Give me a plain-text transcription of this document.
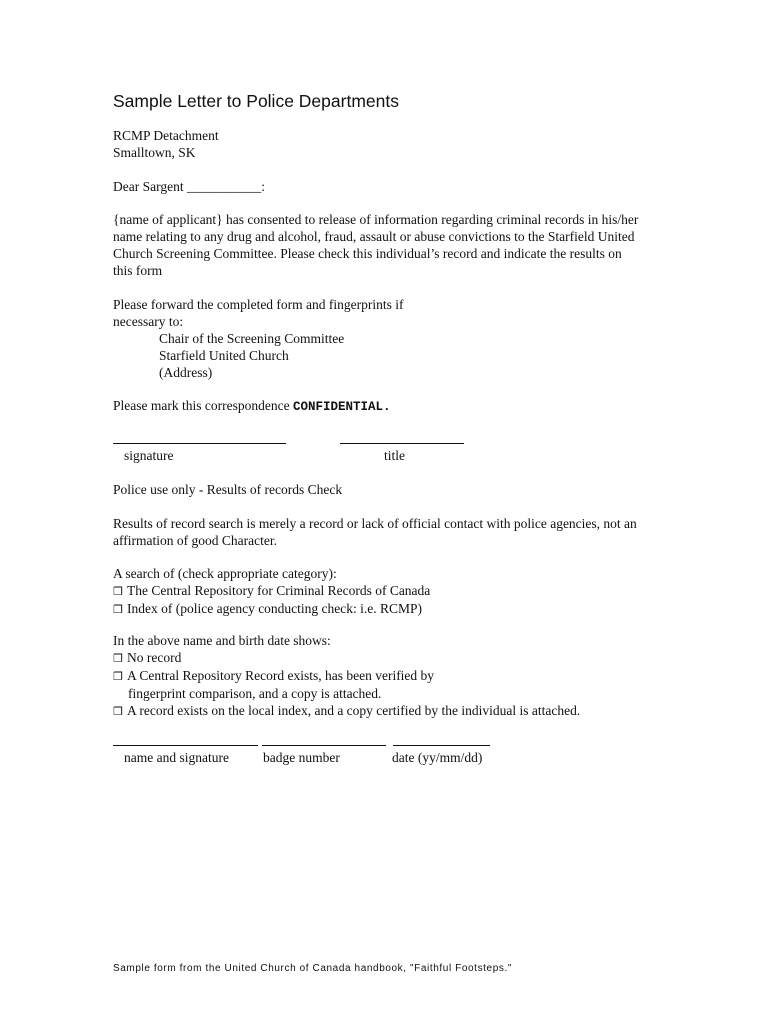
Sample Letter to Police Departments
RCMP Detachment
Smalltown, SK
Dear Sargent ___________:
{name of applicant} has consented to release of information regarding criminal records in his/her
name relating to any drug and alcohol, fraud, assault or abuse convictions to the Starfield United
Church Screening Committee. Please check this individual’s record and indicate the results on
this form
Please forward the completed form and fingerprints if
necessary to:
Chair of the Screening Committee
Starfield United Church
(Address)
Please mark this correspondence CONFIDENTIAL.
signature	title
Police use only - Results of records Check
Results of record search is merely a record or lack of official contact with police agencies, not an
affirmation of good Character.
A search of (check appropriate category):
❒ The Central Repository for Criminal Records of Canada
❒ Index of (police agency conducting check: i.e. RCMP)
In the above name and birth date shows:
❒ No record
❒ A Central Repository Record exists, has been verified by
fingerprint comparison, and a copy is attached.
❒ A record exists on the local index, and a copy certified by the individual is attached.
name and signature	badge number	date (yy/mm/dd)
Sample form from the United Church of Canada handbook, "Faithful Footsteps."
